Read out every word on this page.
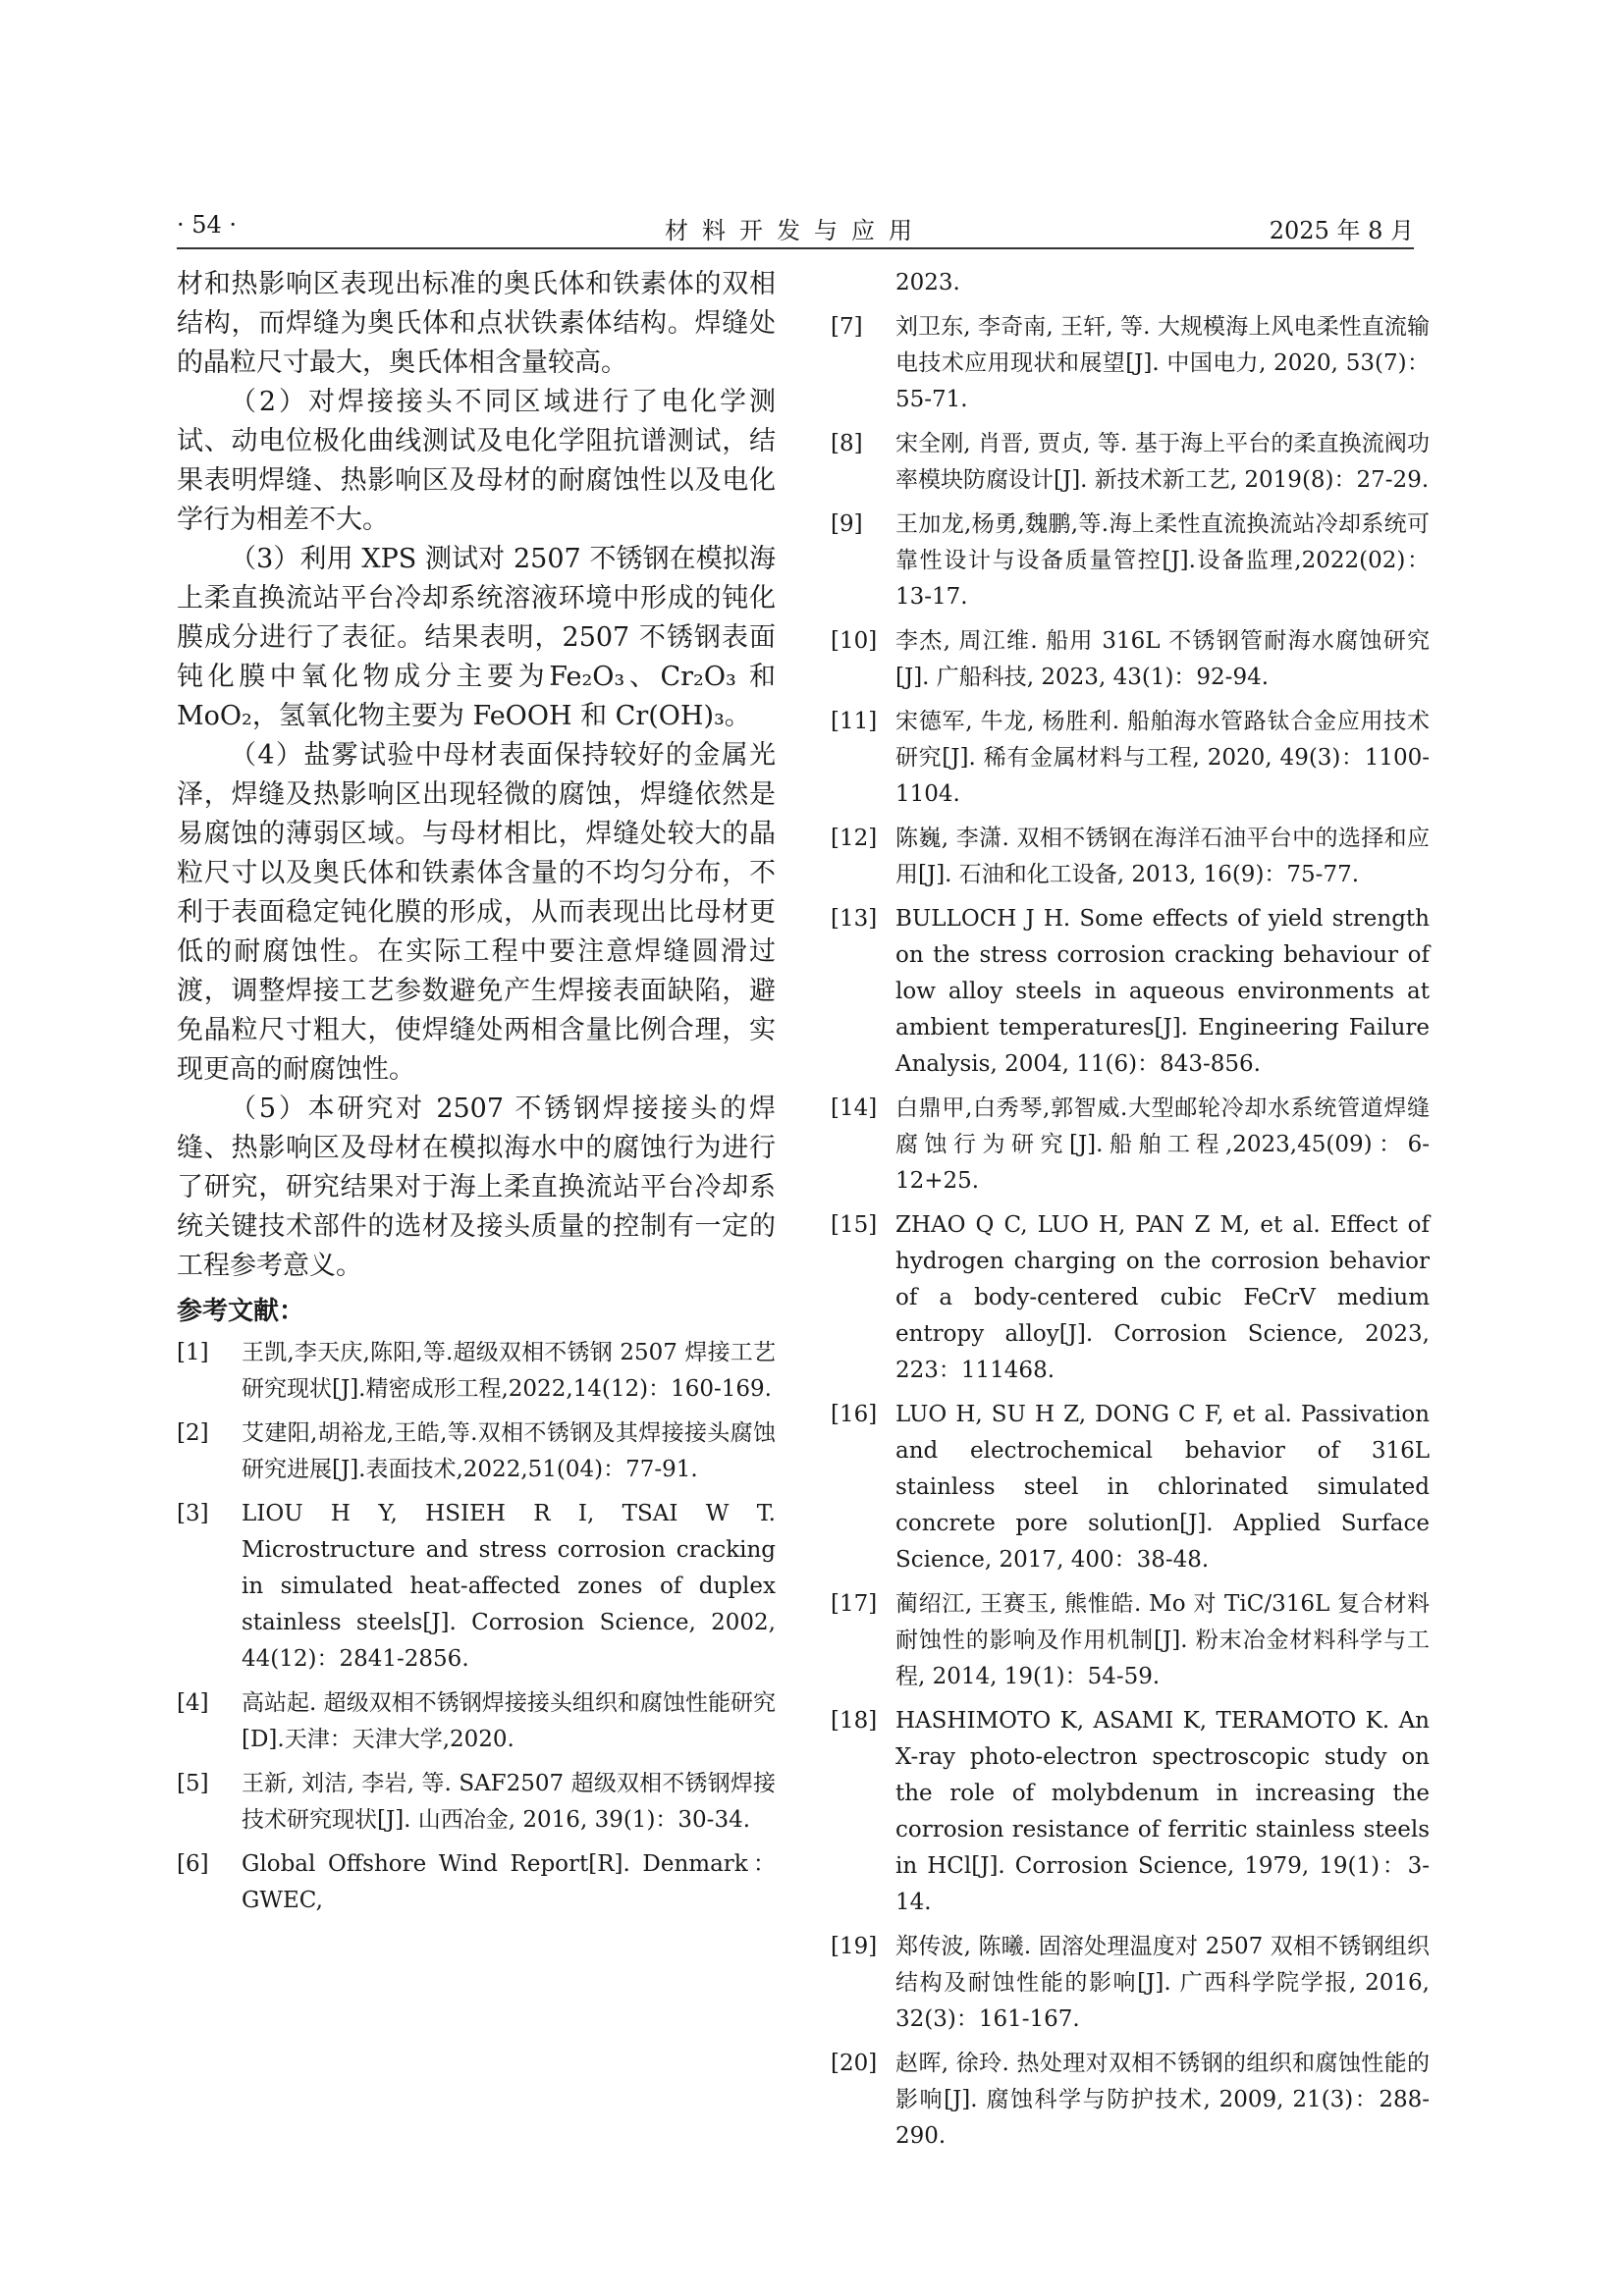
· 54 ·	材料开发与应用	2025 年 8 月

材和热影响区表现出标准的奥氏体和铁素体的双相结构，而焊缝为奥氏体和点状铁素体结构。焊缝处的晶粒尺寸最大，奥氏体相含量较高。

（2）对焊接接头不同区域进行了电化学测试、动电位极化曲线测试及电化学阻抗谱测试，结果表明焊缝、热影响区及母材的耐腐蚀性以及电化学行为相差不大。

（3）利用 XPS 测试对 2507 不锈钢在模拟海上柔直换流站平台冷却系统溶液环境中形成的钝化膜成分进行了表征。结果表明，2507 不锈钢表面钝化膜中氧化物成分主要为Fe₂O₃、Cr₂O₃ 和 MoO₂，氢氧化物主要为 FeOOH 和 Cr(OH)₃。

（4）盐雾试验中母材表面保持较好的金属光泽，焊缝及热影响区出现轻微的腐蚀，焊缝依然是易腐蚀的薄弱区域。与母材相比，焊缝处较大的晶粒尺寸以及奥氏体和铁素体含量的不均匀分布，不利于表面稳定钝化膜的形成，从而表现出比母材更低的耐腐蚀性。在实际工程中要注意焊缝圆滑过渡，调整焊接工艺参数避免产生焊接表面缺陷，避免晶粒尺寸粗大，使焊缝处两相含量比例合理，实现更高的耐腐蚀性。

（5）本研究对 2507 不锈钢焊接接头的焊缝、热影响区及母材在模拟海水中的腐蚀行为进行了研究，研究结果对于海上柔直换流站平台冷却系统关键技术部件的选材及接头质量的控制有一定的工程参考意义。

参考文献：
[1]	王凯,李天庆,陈阳,等.超级双相不锈钢 2507 焊接工艺研究现状[J].精密成形工程,2022,14(12)：160-169.
[2]	艾建阳,胡裕龙,王皓,等.双相不锈钢及其焊接接头腐蚀研究进展[J].表面技术,2022,51(04)：77-91.
[3]	LIOU H Y, HSIEH R I, TSAI W T. Microstructure and stress corrosion cracking in simulated heat-affected zones of duplex stainless steels[J]. Corrosion Science, 2002, 44(12)：2841-2856.
[4]	高站起. 超级双相不锈钢焊接接头组织和腐蚀性能研究[D].天津：天津大学,2020.
[5]	王新, 刘洁, 李岩, 等. SAF2507 超级双相不锈钢焊接技术研究现状[J]. 山西冶金, 2016, 39(1)：30-34.
[6]	Global Offshore Wind Report[R]. Denmark：GWEC,
2023.
[7]	刘卫东, 李奇南, 王轩, 等. 大规模海上风电柔性直流输电技术应用现状和展望[J]. 中国电力, 2020, 53(7)：55-71.
[8]	宋全刚, 肖晋, 贾贞, 等. 基于海上平台的柔直换流阀功率模块防腐设计[J]. 新技术新工艺, 2019(8)：27-29.
[9]	王加龙,杨勇,魏鹏,等.海上柔性直流换流站冷却系统可靠性设计与设备质量管控[J].设备监理,2022(02)：13-17.
[10] 李杰, 周江维. 船用 316L 不锈钢管耐海水腐蚀研究[J]. 广船科技, 2023, 43(1)：92-94.
[11] 宋德军, 牛龙, 杨胜利. 船舶海水管路钛合金应用技术研究[J]. 稀有金属材料与工程, 2020, 49(3)：1100-1104.
[12] 陈巍, 李潇. 双相不锈钢在海洋石油平台中的选择和应用[J]. 石油和化工设备, 2013, 16(9)：75-77.
[13] BULLOCH J H. Some effects of yield strength on the stress corrosion cracking behaviour of low alloy steels in aqueous environments at ambient temperatures[J]. Engineering Failure Analysis, 2004, 11(6)：843-856.
[14] 白鼎甲,白秀琴,郭智威.大型邮轮冷却水系统管道焊缝腐蚀行为研究[J].船舶工程,2023,45(09)：6-12+25.
[15] ZHAO Q C, LUO H, PAN Z M, et al. Effect of hydrogen charging on the corrosion behavior of a body-centered cubic FeCrV medium entropy alloy[J]. Corrosion Science, 2023, 223：111468.
[16] LUO H, SU H Z, DONG C F, et al. Passivation and electrochemical behavior of 316L stainless steel in chlorinated simulated concrete pore solution[J]. Applied Surface Science, 2017, 400：38-48.
[17] 蔺绍江, 王赛玉, 熊惟皓. Mo 对 TiC/316L 复合材料耐蚀性的影响及作用机制[J]. 粉末冶金材料科学与工程, 2014, 19(1)：54-59.
[18] HASHIMOTO K, ASAMI K, TERAMOTO K. An X-ray photo-electron spectroscopic study on the role of molybdenum in increasing the corrosion resistance of ferritic stainless steels in HCl[J]. Corrosion Science, 1979, 19(1)：3-14.
[19] 郑传波, 陈曦. 固溶处理温度对 2507 双相不锈钢组织结构及耐蚀性能的影响[J]. 广西科学院学报, 2016, 32(3)：161-167.
[20] 赵晖, 徐玲. 热处理对双相不锈钢的组织和腐蚀性能的影响[J]. 腐蚀科学与防护技术, 2009, 21(3)：288-290.
